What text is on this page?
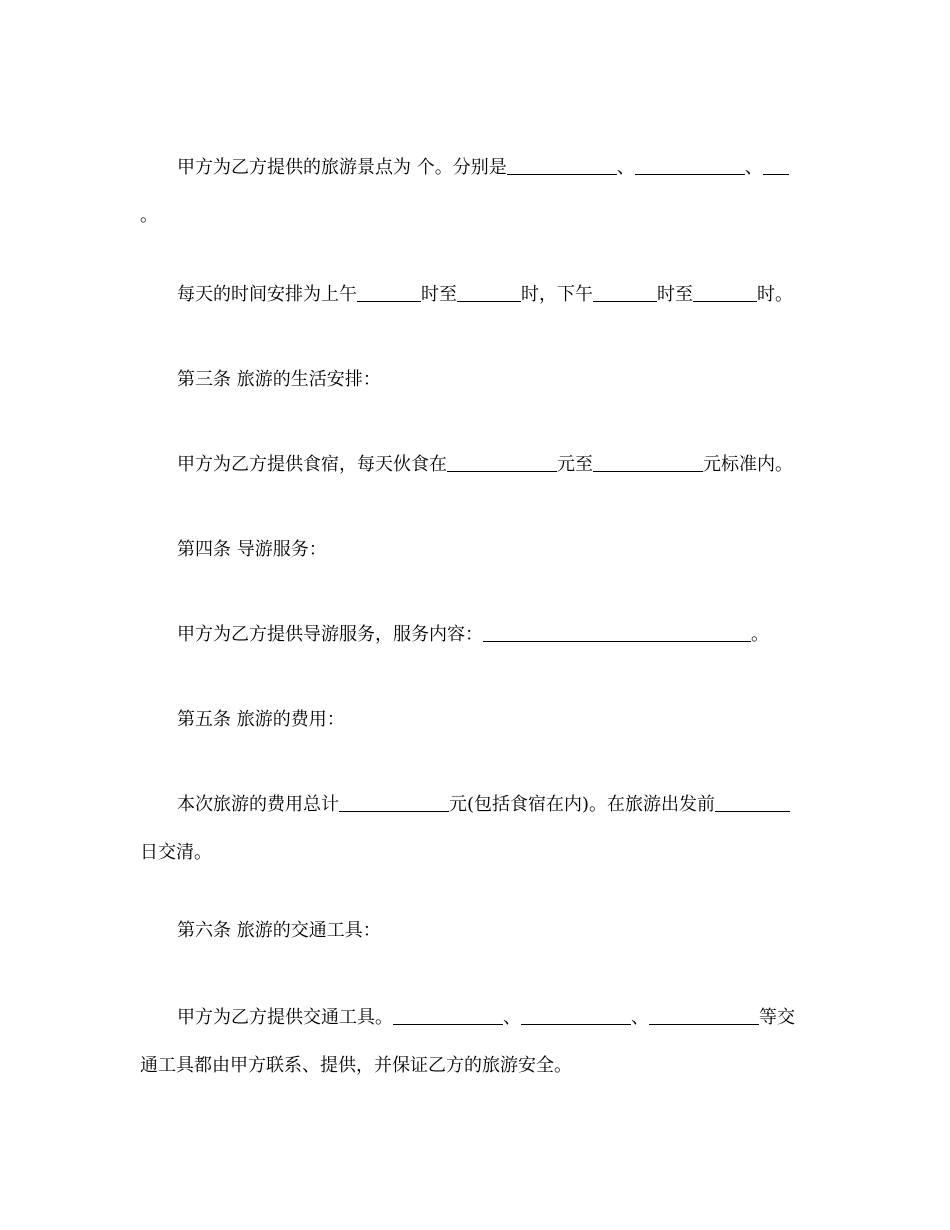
甲方为乙方提供的旅游景点为 个。分别是	、	、
。

每天的时间安排为上午	时至	时，下午	时至	时。

第三条 旅游的生活安排：

甲方为乙方提供食宿，每天伙食在	元至	元标准内。

第四条 导游服务：

甲方为乙方提供导游服务，服务内容：	。

第五条 旅游的费用：

本次旅游的费用总计	元(包括食宿在内)。在旅游出发前
日交清。

第六条 旅游的交通工具：

甲方为乙方提供交通工具。	、	、	等交
通工具都由甲方联系、提供，并保证乙方的旅游安全。
